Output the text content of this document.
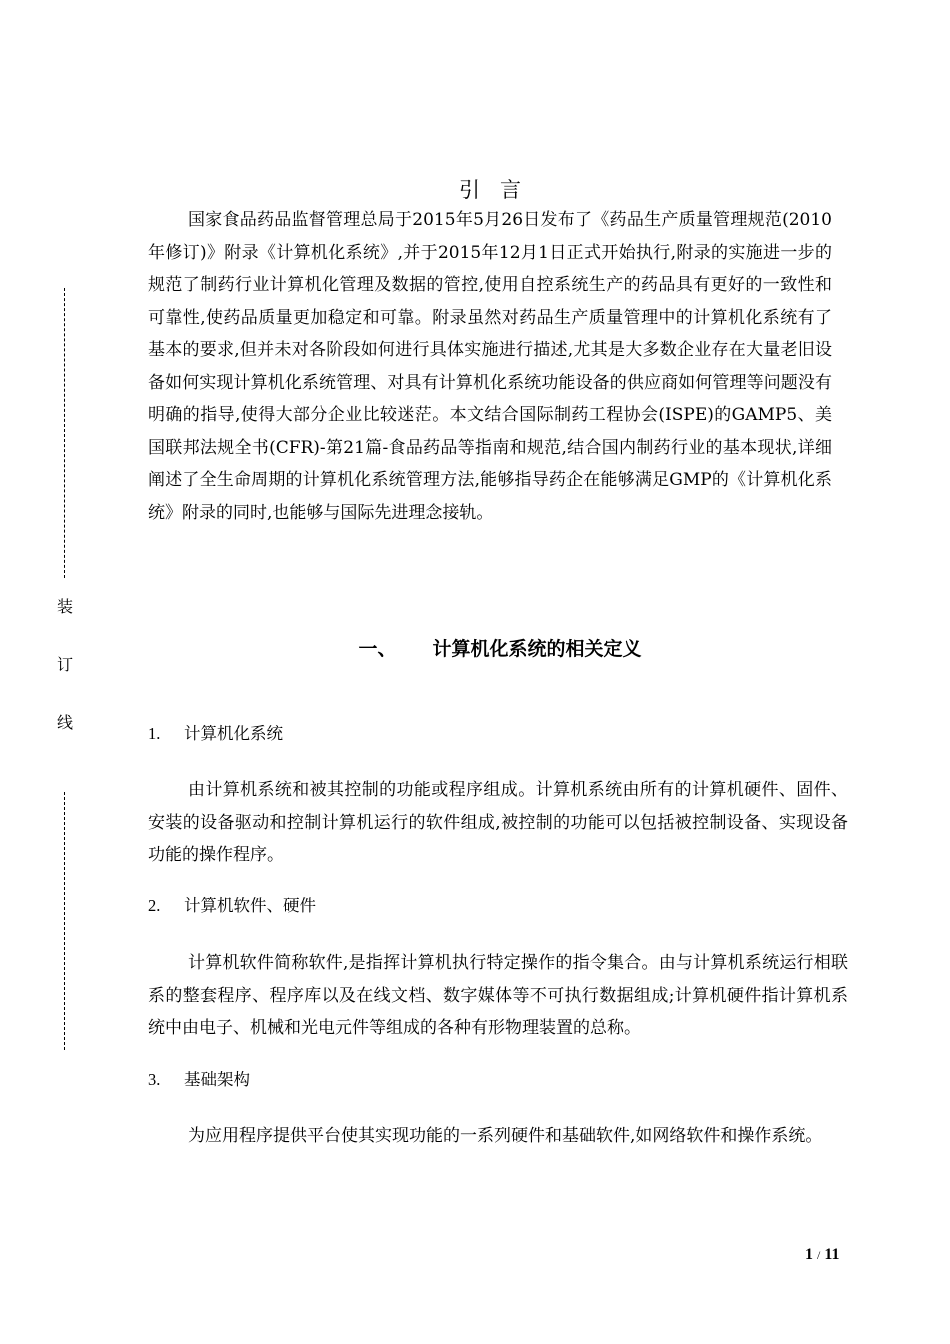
装
订
线
引言

国家食品药品监督管理总局于2015年5月26日发布了《药品生产质量管理规范(2010年修订)》附录《计算机化系统》,并于2015年12月1日正式开始执行,附录的实施进一步的规范了制药行业计算机化管理及数据的管控,使用自控系统生产的药品具有更好的一致性和可靠性,使药品质量更加稳定和可靠。附录虽然对药品生产质量管理中的计算机化系统有了基本的要求,但并未对各阶段如何进行具体实施进行描述,尤其是大多数企业存在大量老旧设备如何实现计算机化系统管理、对具有计算机化系统功能设备的供应商如何管理等问题没有明确的指导,使得大部分企业比较迷茫。本文结合国际制药工程协会(ISPE)的GAMP5、美国联邦法规全书(CFR)-第21篇-食品药品等指南和规范,结合国内制药行业的基本现状,详细阐述了全生命周期的计算机化系统管理方法,能够指导药企在能够满足GMP的《计算机化系统》附录的同时,也能够与国际先进理念接轨。

一、 计算机化系统的相关定义
1. 计算机化系统

由计算机系统和被其控制的功能或程序组成。计算机系统由所有的计算机硬件、固件、安装的设备驱动和控制计算机运行的软件组成,被控制的功能可以包括被控制设备、实现设备功能的操作程序。

2. 计算机软件、硬件

计算机软件简称软件,是指挥计算机执行特定操作的指令集合。由与计算机系统运行相联系的整套程序、程序库以及在线文档、数字媒体等不可执行数据组成;计算机硬件指计算机系统中由电子、机械和光电元件等组成的各种有形物理装置的总称。

3. 基础架构

为应用程序提供平台使其实现功能的一系列硬件和基础软件,如网络软件和操作系统。

1 / 11
